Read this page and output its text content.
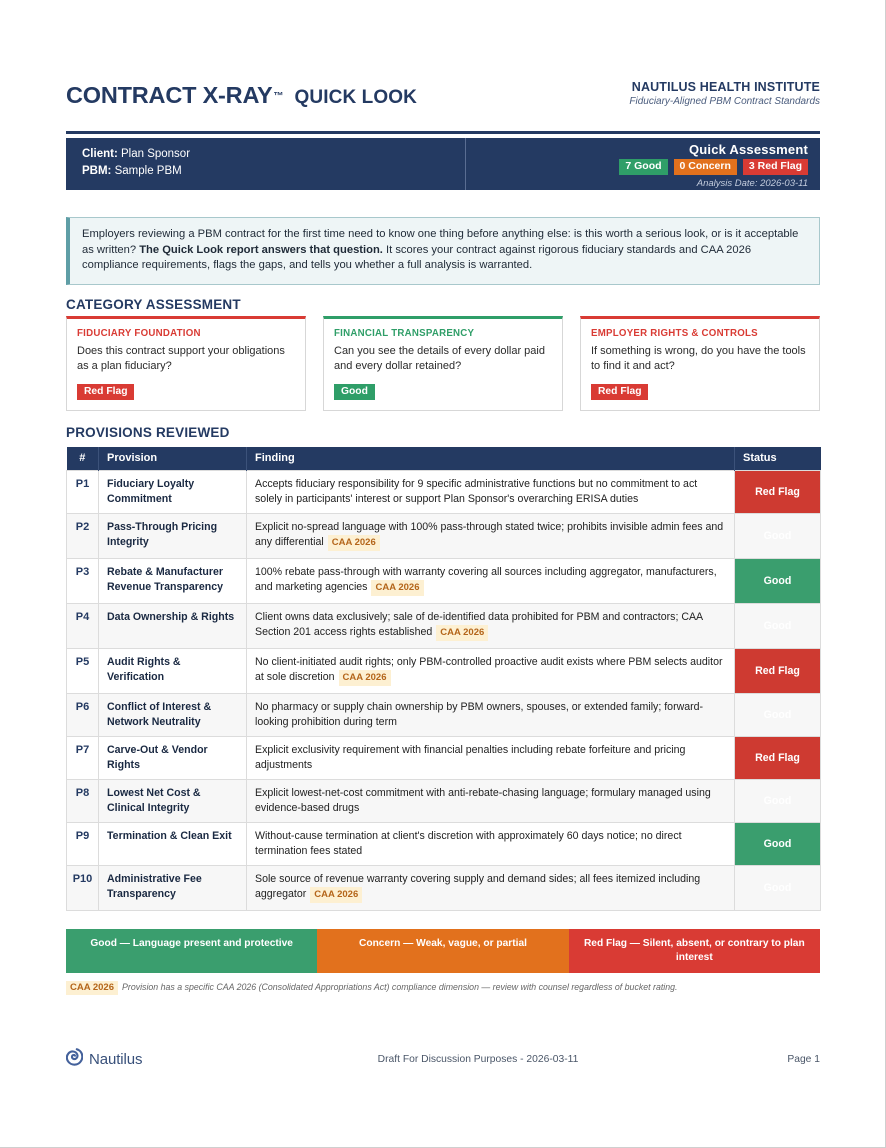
CONTRACT X-RAY ™ QUICK LOOK	NAUTILUS HEALTH INSTITUTE
Fiduciary-Aligned PBM Contract Standards
Client: Plan Sponsor
PBM: Sample PBM
Quick Assessment
7 Good	0 Concern	3 Red Flag
Analysis Date: 2026-03-11

Employers reviewing a PBM contract for the first time need to know one thing before anything else: is this worth a serious look, or is it acceptable as written? The Quick Look report answers that question. It scores your contract against rigorous fiduciary standards and CAA 2026 compliance requirements, flags the gaps, and tells you whether a full analysis is warranted.

CATEGORY ASSESSMENT
FIDUCIARY FOUNDATION
Does this contract support your obligations as a plan fiduciary?
Red Flag
FINANCIAL TRANSPARENCY
Can you see the details of every dollar paid and every dollar retained?
Good
EMPLOYER RIGHTS & CONTROLS
If something is wrong, do you have the tools to find it and act?
Red Flag
PROVISIONS REVIEWED
#	Provision	Finding	Status
P1	Fiduciary Loyalty Commitment	Accepts fiduciary responsibility for 9 specific administrative functions but no commitment to act solely in participants' interest or support Plan Sponsor's overarching ERISA duties	Red Flag
P2	Pass-Through Pricing Integrity	Explicit no-spread language with 100% pass-through stated twice; prohibits invisible admin fees and any differential CAA 2026	Good
P3	Rebate & Manufacturer Revenue Transparency	100% rebate pass-through with warranty covering all sources including aggregator, manufacturers, and marketing agencies CAA 2026	Good
P4	Data Ownership & Rights	Client owns data exclusively; sale of de-identified data prohibited for PBM and contractors; CAA Section 201 access rights established CAA 2026	Good
P5	Audit Rights & Verification	No client-initiated audit rights; only PBM-controlled proactive audit exists where PBM selects auditor at sole discretion CAA 2026	Red Flag
P6	Conflict of Interest & Network Neutrality	No pharmacy or supply chain ownership by PBM owners, spouses, or extended family; forward-looking prohibition during term	Good
P7	Carve-Out & Vendor Rights	Explicit exclusivity requirement with financial penalties including rebate forfeiture and pricing adjustments	Red Flag
P8	Lowest Net Cost & Clinical Integrity	Explicit lowest-net-cost commitment with anti-rebate-chasing language; formulary managed using evidence-based drugs	Good
P9	Termination & Clean Exit	Without-cause termination at client's discretion with approximately 60 days notice; no direct termination fees stated	Good
P10	Administrative Fee Transparency	Sole source of revenue warranty covering supply and demand sides; all fees itemized including aggregator CAA 2026	Good
Good — Language present and protective	Concern — Weak, vague, or partial	Red Flag — Silent, absent, or contrary to plan interest
CAA 2026 Provision has a specific CAA 2026 (Consolidated Appropriations Act) compliance dimension — review with counsel regardless of bucket rating.
Nautilus	Draft For Discussion Purposes - 2026-03-11	Page 1
